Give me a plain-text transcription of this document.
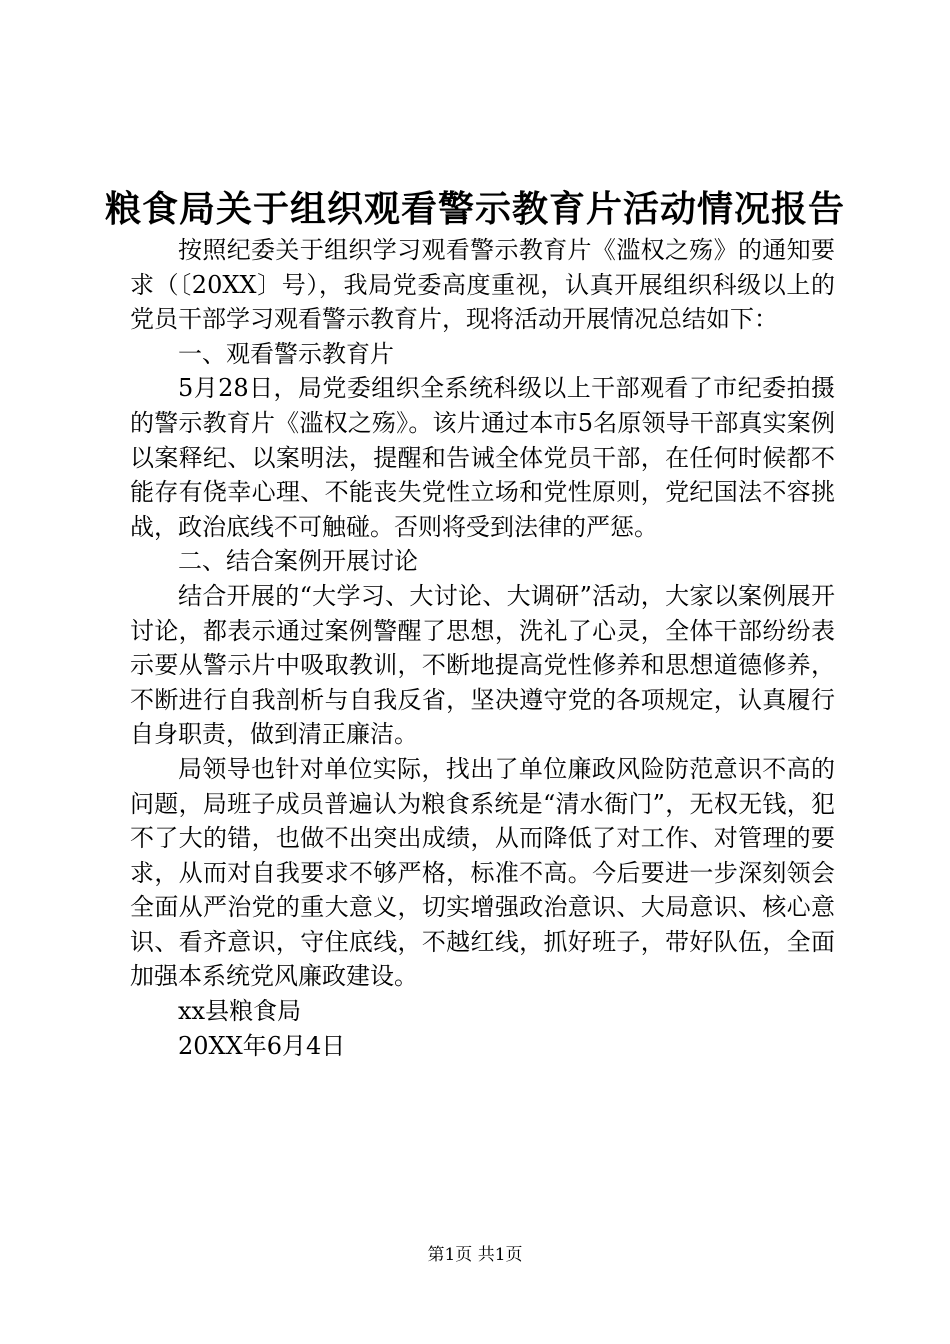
粮食局关于组织观看警示教育片活动情况报告

按照纪委关于组织学习观看警示教育片《滥权之殇》的通知要求（〔20XX〕号），我局党委高度重视，认真开展组织科级以上的党员干部学习观看警示教育片，现将活动开展情况总结如下：

一、观看警示教育片

5月28日，局党委组织全系统科级以上干部观看了市纪委拍摄的警示教育片《滥权之殇》。该片通过本市5名原领导干部真实案例以案释纪、以案明法，提醒和告诫全体党员干部，在任何时候都不能存有侥幸心理、不能丧失党性立场和党性原则，党纪国法不容挑战，政治底线不可触碰。否则将受到法律的严惩。

二、结合案例开展讨论

结合开展的“大学习、大讨论、大调研”活动，大家以案例展开讨论，都表示通过案例警醒了思想，洗礼了心灵，全体干部纷纷表示要从警示片中吸取教训，不断地提高党性修养和思想道德修养，不断进行自我剖析与自我反省，坚决遵守党的各项规定，认真履行自身职责，做到清正廉洁。

局领导也针对单位实际，找出了单位廉政风险防范意识不高的问题，局班子成员普遍认为粮食系统是“清水衙门”，无权无钱，犯不了大的错，也做不出突出成绩，从而降低了对工作、对管理的要求，从而对自我要求不够严格，标准不高。今后要进一步深刻领会全面从严治党的重大意义，切实增强政治意识、大局意识、核心意识、看齐意识，守住底线，不越红线，抓好班子，带好队伍，全面加强本系统党风廉政建设。

xx县粮食局

20XX年6月4日

第1页 共1页
